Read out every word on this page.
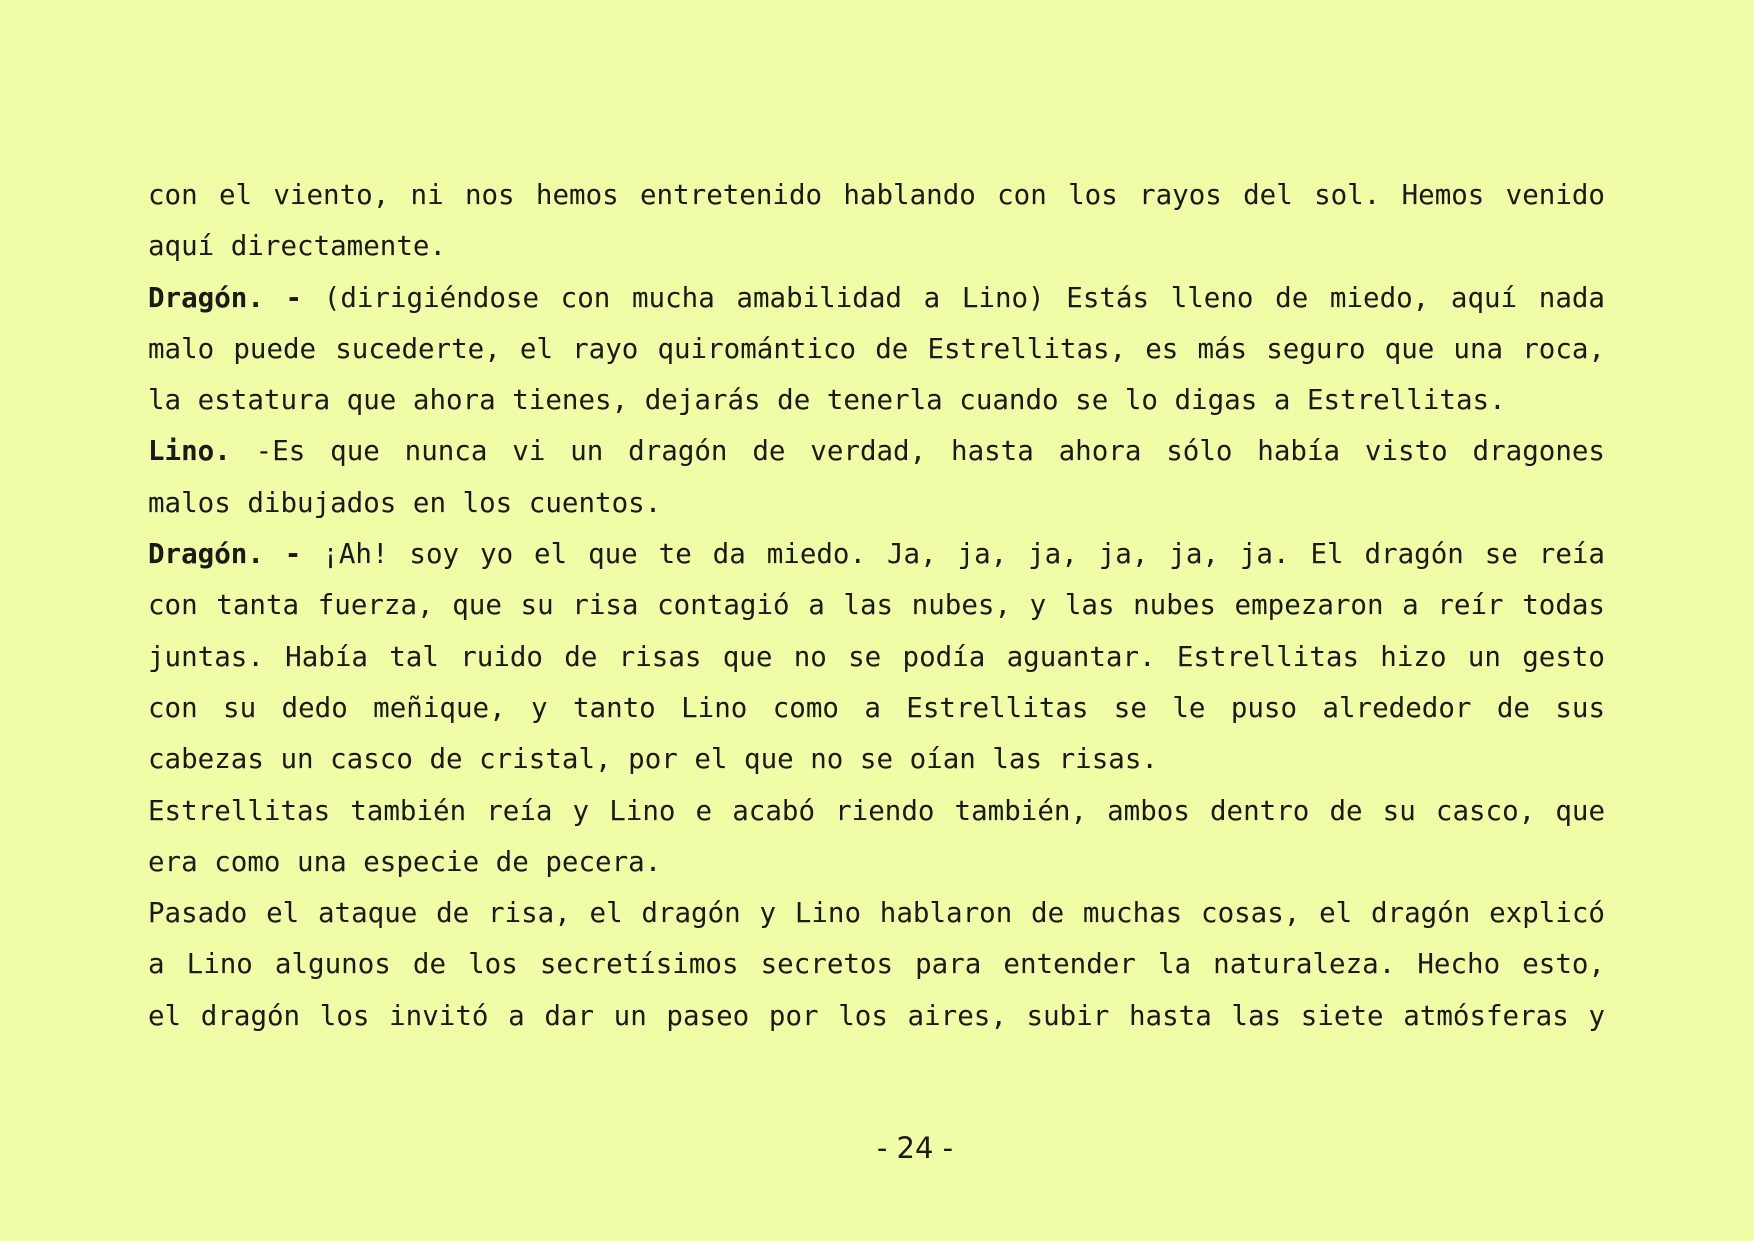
con el viento, ni nos hemos entretenido hablando con los rayos del sol. Hemos venido
aquí directamente.
Dragón. - (dirigiéndose con mucha amabilidad a Lino) Estás lleno de miedo, aquí nada
malo puede sucederte, el rayo quiromántico de Estrellitas, es más seguro que una roca,
la estatura que ahora tienes, dejarás de tenerla cuando se lo digas a Estrellitas.
Lino. -Es que nunca vi un dragón de verdad, hasta ahora sólo había visto dragones
malos dibujados en los cuentos.
Dragón. - ¡Ah! soy yo el que te da miedo. Ja, ja, ja, ja, ja, ja. El dragón se reía
con tanta fuerza, que su risa contagió a las nubes, y las nubes empezaron a reír todas
juntas. Había tal ruido de risas que no se podía aguantar. Estrellitas hizo un gesto
con su dedo meñique, y tanto Lino como a Estrellitas se le puso alrededor de sus
cabezas un casco de cristal, por el que no se oían las risas.
Estrellitas también reía y Lino e acabó riendo también, ambos dentro de su casco, que
era como una especie de pecera.
Pasado el ataque de risa, el dragón y Lino hablaron de muchas cosas, el dragón explicó
a Lino algunos de los secretísimos secretos para entender la naturaleza. Hecho esto,
el dragón los invitó a dar un paseo por los aires, subir hasta las siete atmósferas y
- 24 -
